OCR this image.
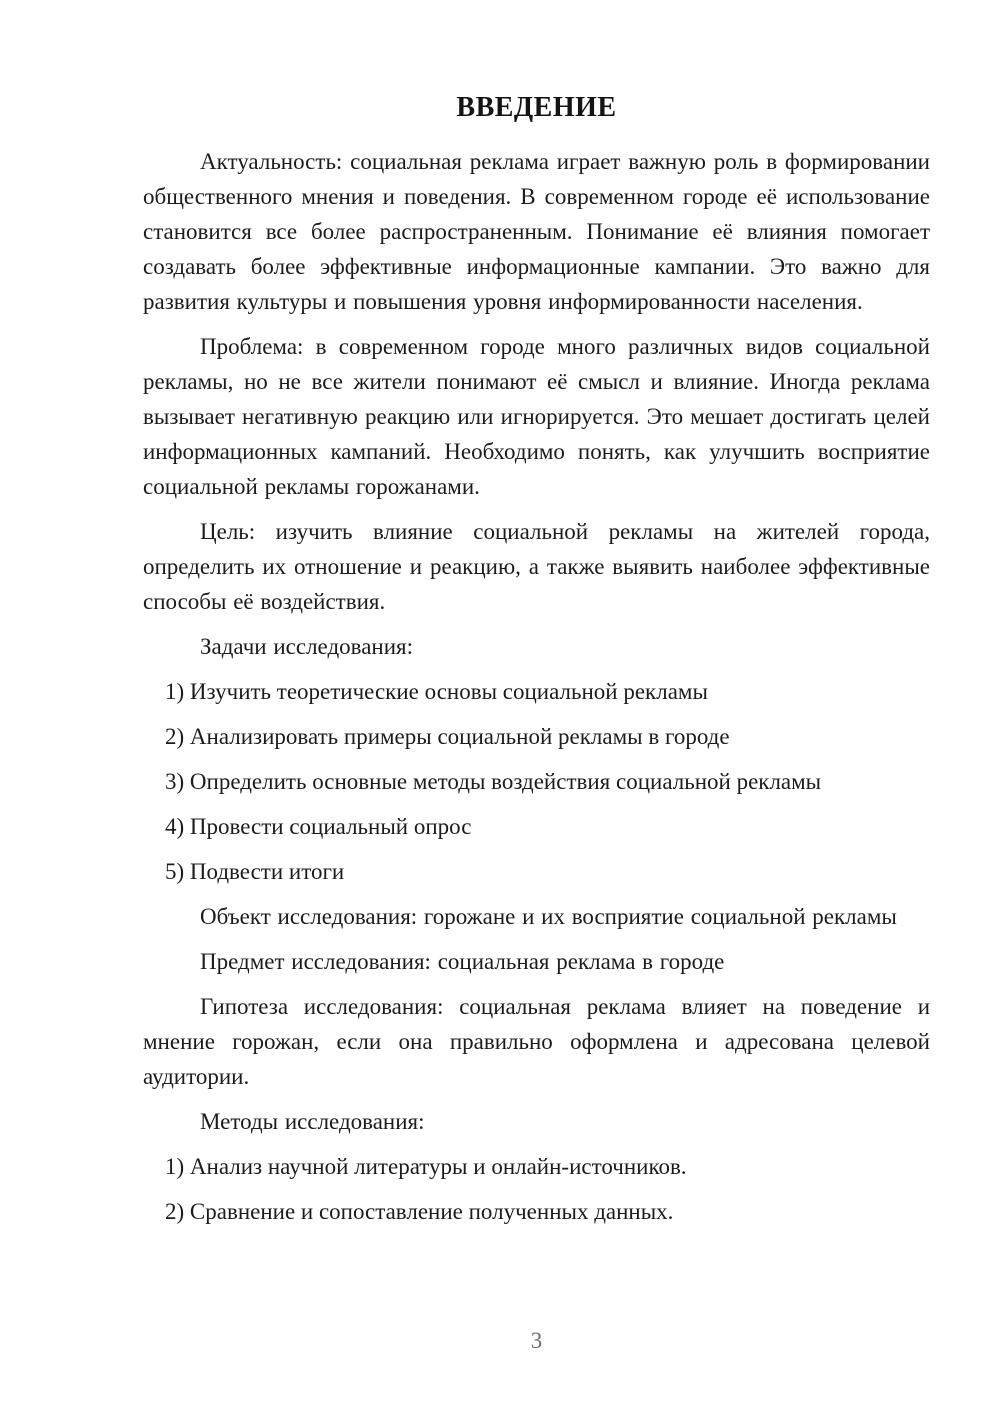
ВВЕДЕНИЕ

Актуальность: социальная реклама играет важную роль в формировании общественного мнения и поведения. В современном городе её использование становится все более распространенным. Понимание её влияния помогает создавать более эффективные информационные кампании. Это важно для развития культуры и повышения уровня информированности населения.

Проблема: в современном городе много различных видов социальной рекламы, но не все жители понимают её смысл и влияние. Иногда реклама вызывает негативную реакцию или игнорируется. Это мешает достигать целей информационных кампаний. Необходимо понять, как улучшить восприятие социальной рекламы горожанами.

Цель: изучить влияние социальной рекламы на жителей города, определить их отношение и реакцию, а также выявить наиболее эффективные способы её воздействия.

Задачи исследования:

1) Изучить теоретические основы социальной рекламы

2) Анализировать примеры социальной рекламы в городе

3) Определить основные методы воздействия социальной рекламы

4) Провести социальный опрос

5) Подвести итоги

Объект исследования: горожане и их восприятие социальной рекламы

Предмет исследования: социальная реклама в городе

Гипотеза исследования: социальная реклама влияет на поведение и мнение горожан, если она правильно оформлена и адресована целевой аудитории.

Методы исследования:

1) Анализ научной литературы и онлайн-источников.

2) Сравнение и сопоставление полученных данных.

3
